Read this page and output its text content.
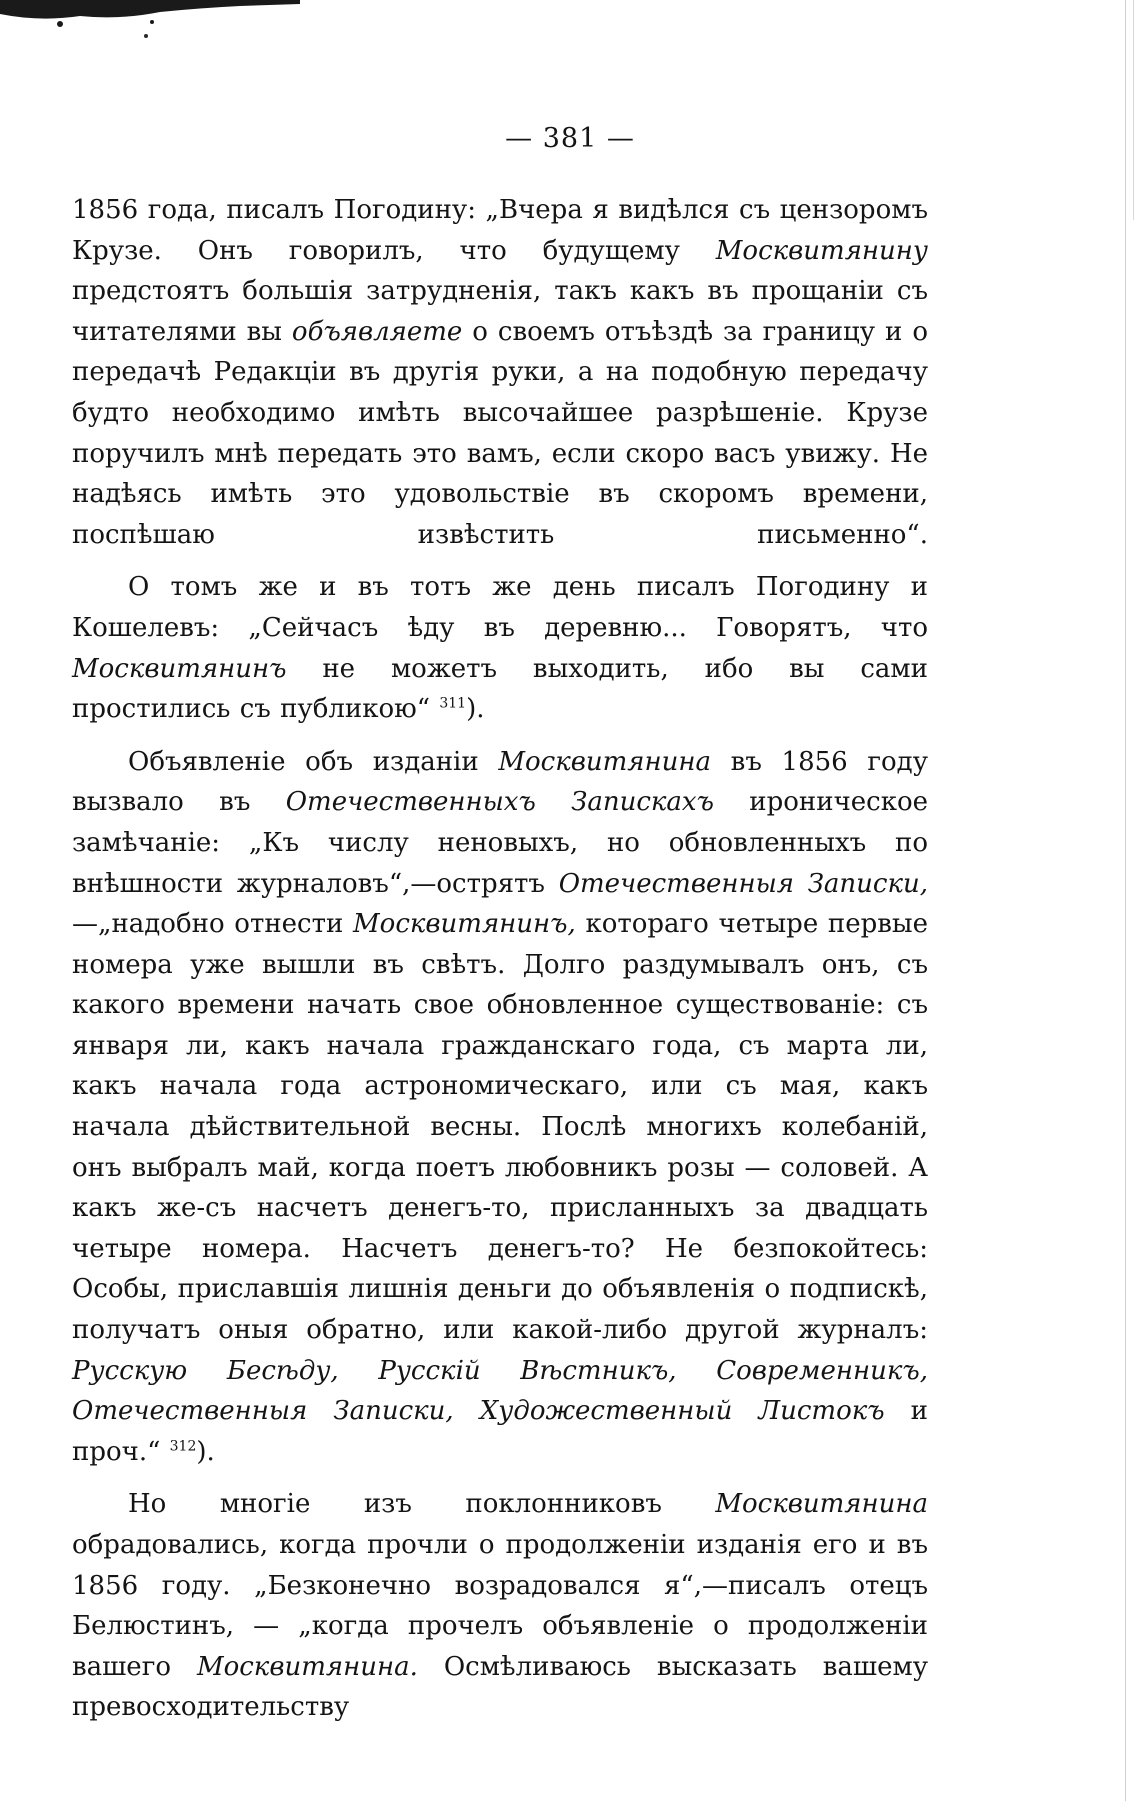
— 381 —

1856 года, писалъ Погодину: „Вчера я видѣлся съ цензоромъ Крузе. Онъ говорилъ, что будущему Москвитянину предстоятъ большія затрудненія, такъ какъ въ прощаніи съ читателями вы объявляете о своемъ отъѣздѣ за границу и о передачѣ Редакціи въ другія руки, а на подобную передачу будто необходимо имѣть высочайшее разрѣшеніе. Крузе поручилъ мнѣ передать это вамъ, если скоро васъ увижу. Не надѣясь имѣть это удовольствіе въ скоромъ времени, поспѣшаю извѣстить письменно“.

О томъ же и въ тотъ же день писалъ Погодину и Кошелевъ: „Сейчасъ ѣду въ деревню... Говорятъ, что Москвитянинъ не можетъ выходить, ибо вы сами простились съ публикою“ $^{311}$).

Объявленіе объ изданіи Москвитянина въ 1856 году вызвало въ Отечественныхъ Запискахъ ироническое замѣчаніе: „Къ числу неновыхъ, но обновленныхъ по внѣшности журналовъ“,—острятъ Отечественныя Записки,—„надобно отнести Москвитянинъ, котораго четыре первые номера уже вышли въ свѣтъ. Долго раздумывалъ онъ, съ какого времени начать свое обновленное существованіе: съ января ли, какъ начала гражданскаго года, съ марта ли, какъ начала года астрономическаго, или съ мая, какъ начала дѣйствительной весны. Послѣ многихъ колебаній, онъ выбралъ май, когда поетъ любовникъ розы — соловей. А какъ же-съ насчетъ денегъ-то, присланныхъ за двадцать четыре номера. Насчетъ денегъ-то? Не безпокойтесь: Особы, приславшія лишнія деньги до объявленія о подпискѣ, получатъ оныя обратно, или какой-либо другой журналъ: Русскую Бесѣду, Русскій Вѣстникъ, Современникъ, Отечественныя Записки, Художественный Листокъ и проч.“ $^{312}$).

Но многіе изъ поклонниковъ Москвитянина обрадовались, когда прочли о продолженіи изданія его и въ 1856 году. „Безконечно возрадовался я“,—писалъ отецъ Белюстинъ, — „когда прочелъ объявленіе о продолженіи вашего Москвитянина. Осмѣливаюсь высказать вашему превосходительству
